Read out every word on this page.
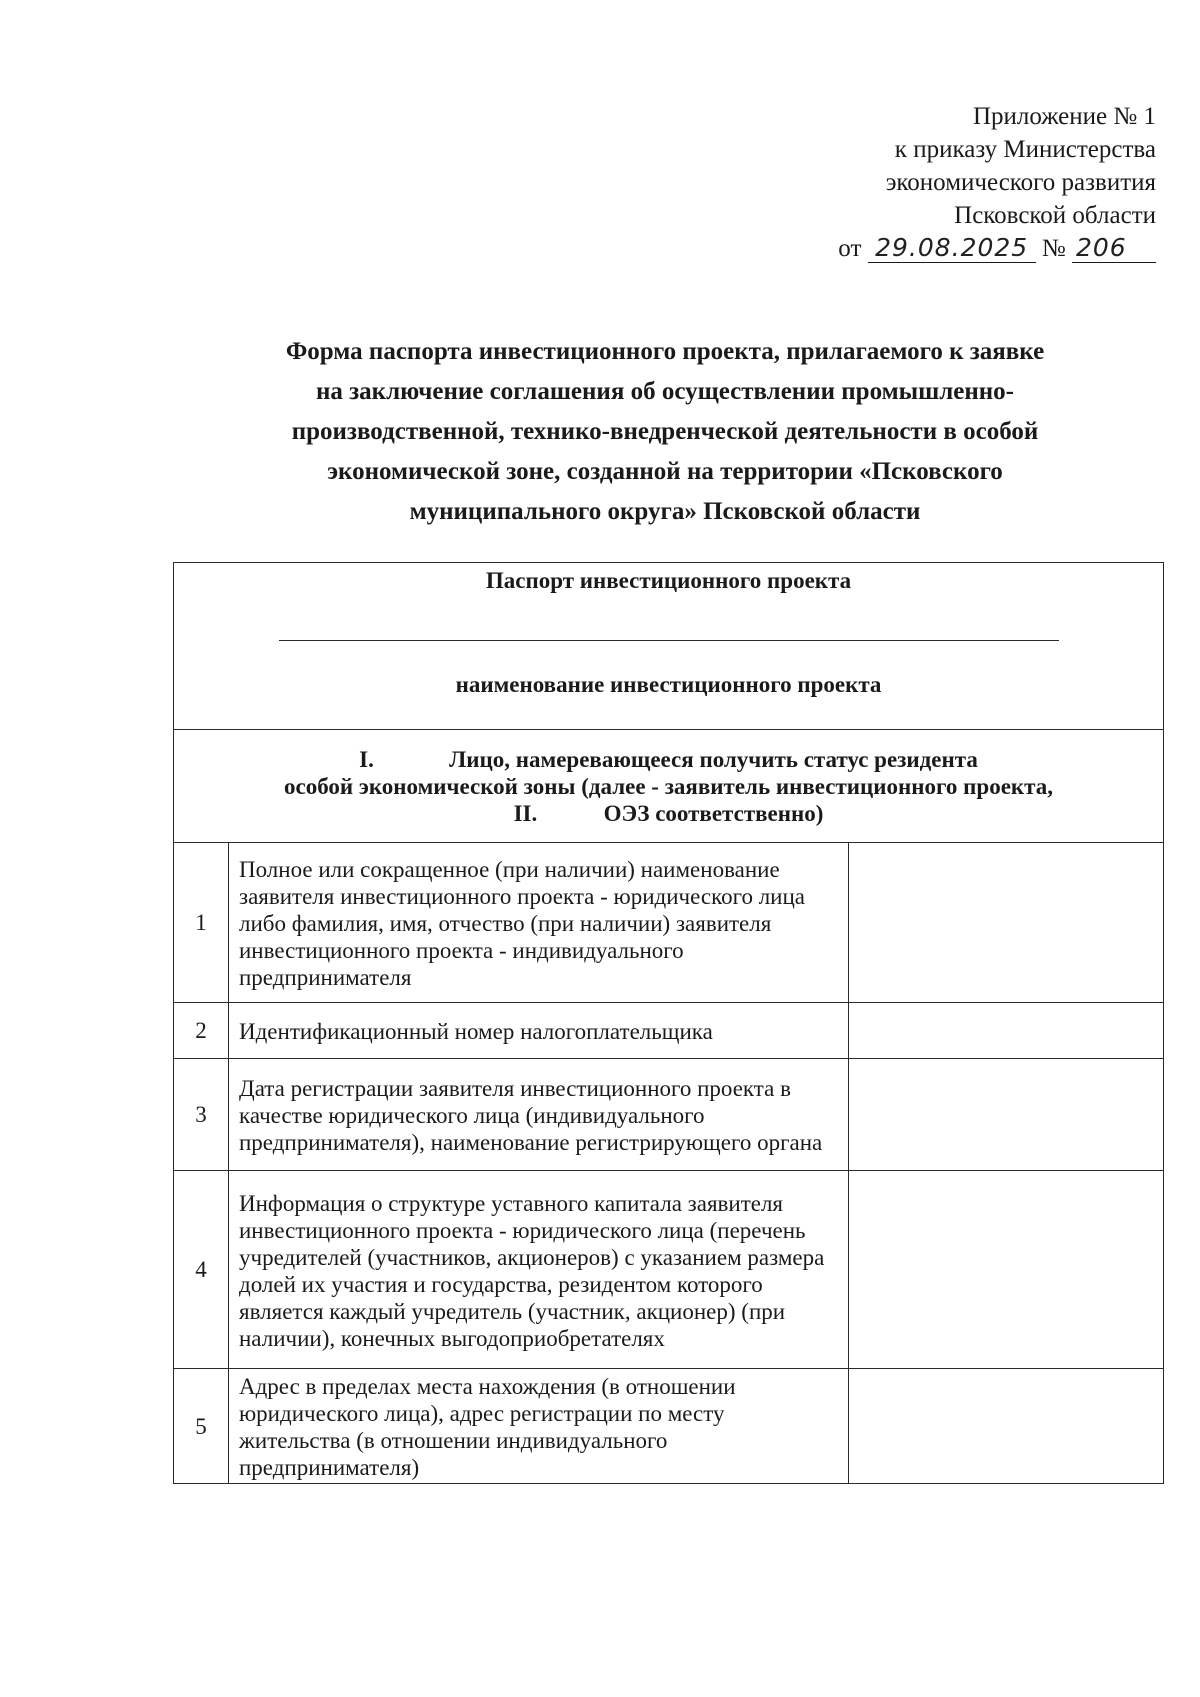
Приложение № 1
к приказу Министерства
экономического развития
Псковской области
от 29.08.2025 № 206
Форма паспорта инвестиционного проекта, прилагаемого к заявке
на заключение соглашения об осуществлении промышленно-
производственной, технико-внедренческой деятельности в особой
экономической зоне, созданной на территории «Псковского
муниципального округа» Псковской области
Паспорт инвестиционного проекта
наименование инвестиционного проекта		

I. Лицо, намеревающееся получить статус резидента
особой экономической зоны (далее - заявитель инвестиционного проекта,
II. ОЭЗ соответственно)		

1	Полное или сокращенное (при наличии) наименование заявителя инвестиционного проекта - юридического лица либо фамилия, имя, отчество (при наличии) заявителя инвестиционного проекта - индивидуального предпринимателя	
2	Идентификационный номер налогоплательщика	
3	Дата регистрации заявителя инвестиционного проекта в качестве юридического лица (индивидуального предпринимателя), наименование регистрирующего органа	
4	Информация о структуре уставного капитала заявителя инвестиционного проекта - юридического лица (перечень учредителей (участников, акционеров) с указанием размера долей их участия и государства, резидентом которого является каждый учредитель (участник, акционер) (при наличии), конечных выгодоприобретателях	
5	Адрес в пределах места нахождения (в отношении юридического лица), адрес регистрации по месту жительства (в отношении индивидуального предпринимателя)	
